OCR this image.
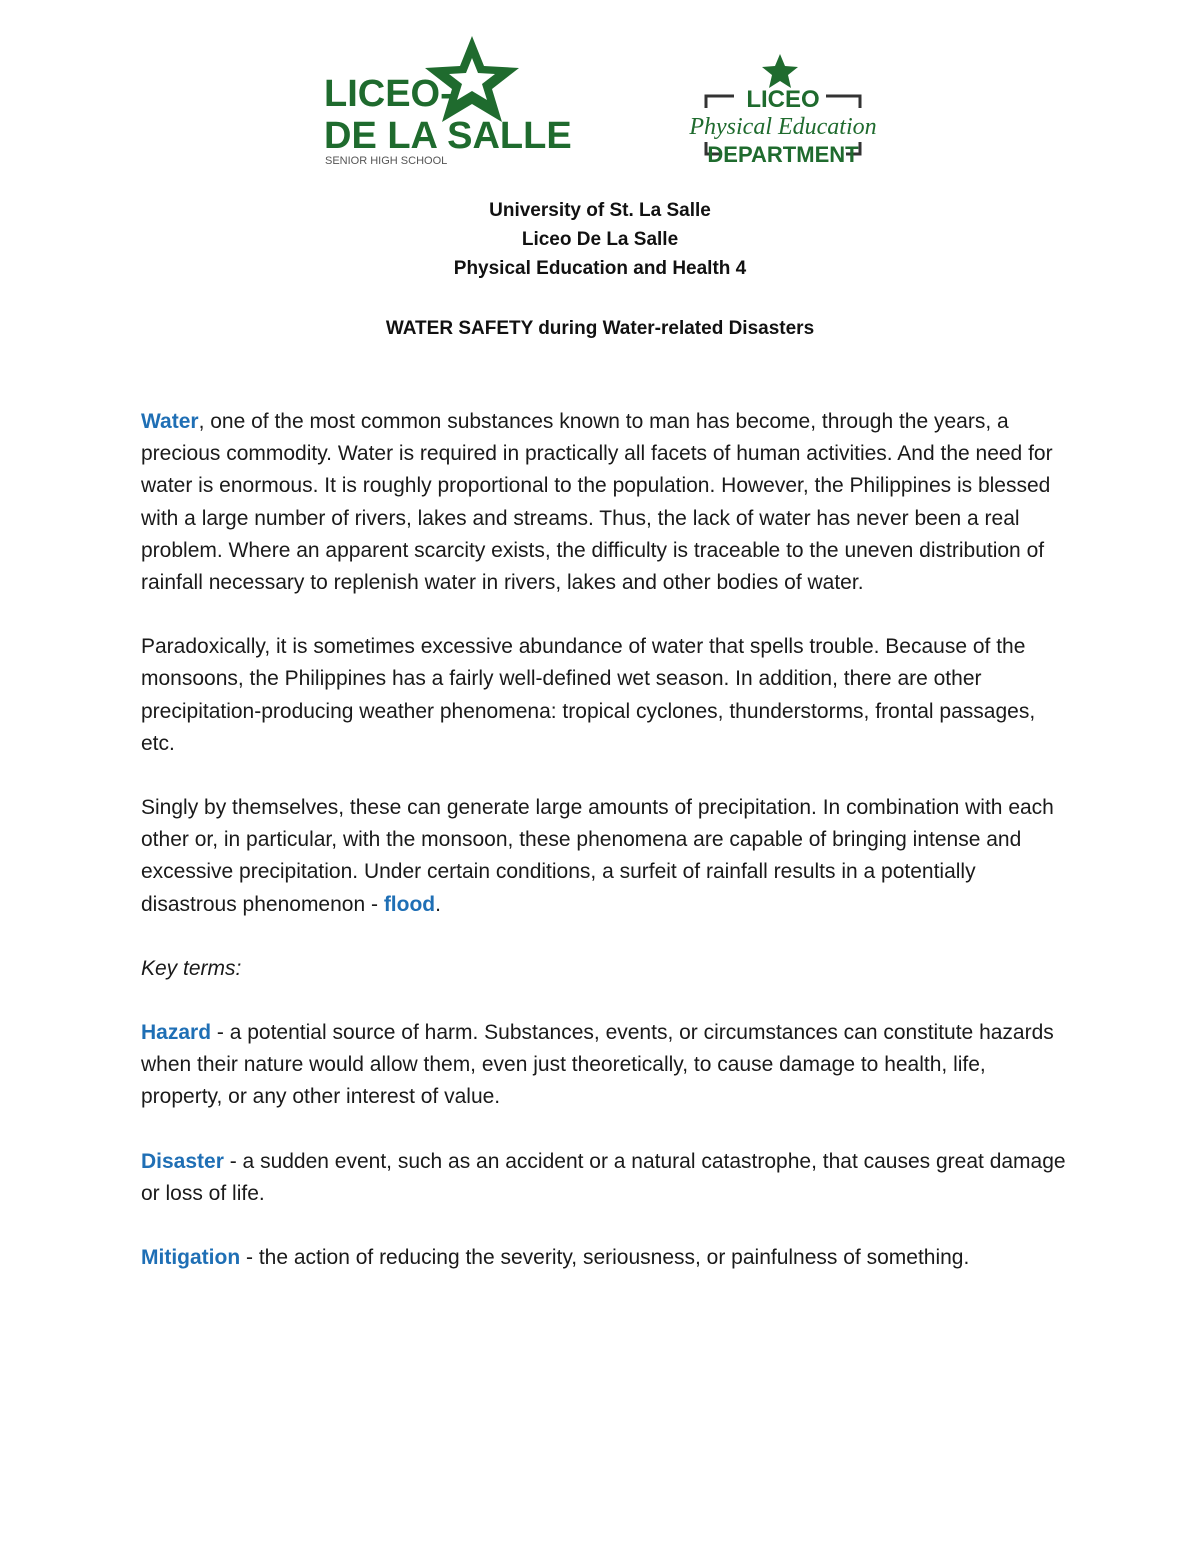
LICEO-
DE LA SALLE
SENIOR HIGH SCHOOL
LICEO
Physical Education
DEPARTMENT
University of St. La Salle
Liceo De La Salle
Physical Education and Health 4
WATER SAFETY during Water-related Disasters

Water, one of the most common substances known to man has become, through the years, a precious commodity. Water is required in practically all facets of human activities. And the need for water is enormous. It is roughly proportional to the population. However, the Philippines is blessed with a large number of rivers, lakes and streams. Thus, the lack of water has never been a real problem. Where an apparent scarcity exists, the difficulty is traceable to the uneven distribution of rainfall necessary to replenish water in rivers, lakes and other bodies of water.

Paradoxically, it is sometimes excessive abundance of water that spells trouble. Because of the monsoons, the Philippines has a fairly well-defined wet season. In addition, there are other precipitation-producing weather phenomena: tropical cyclones, thunderstorms, frontal passages, etc.

Singly by themselves, these can generate large amounts of precipitation. In combination with each other or, in particular, with the monsoon, these phenomena are capable of bringing intense and excessive precipitation. Under certain conditions, a surfeit of rainfall results in a potentially disastrous phenomenon - flood.

Key terms:

Hazard - a potential source of harm. Substances, events, or circumstances can constitute hazards when their nature would allow them, even just theoretically, to cause damage to health, life, property, or any other interest of value.

Disaster - a sudden event, such as an accident or a natural catastrophe, that causes great damage or loss of life.

Mitigation - the action of reducing the severity, seriousness, or painfulness of something.
